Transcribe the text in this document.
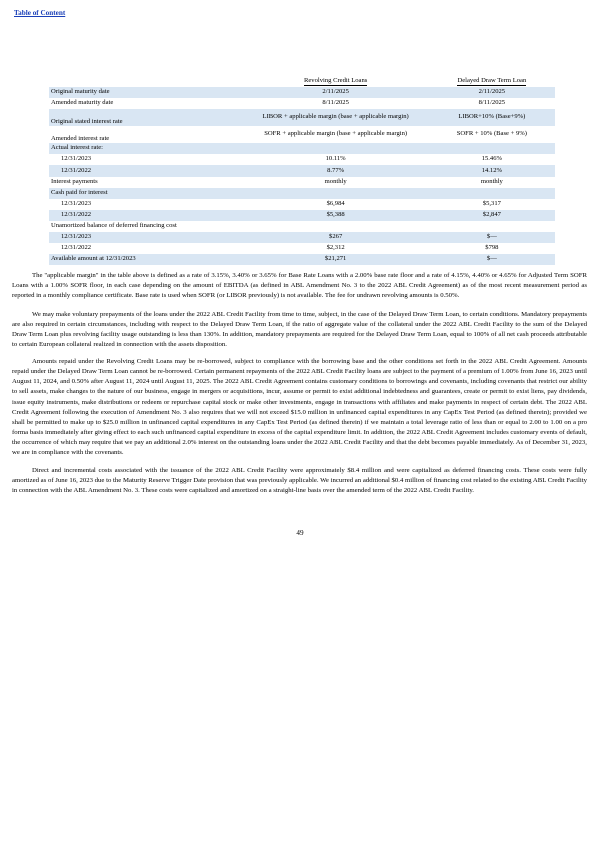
Table of Content
		Revolving Credit Loans		Delayed Draw Term Loan
Original maturity date		2/11/2025		2/11/2025
Amended maturity date		8/11/2025		8/11/2025
Original stated interest rate		LIBOR + applicable margin (base + applicable margin)		LIBOR+10% (Base+9%)
Amended interest rate		SOFR + applicable margin (base + applicable margin)		SOFR + 10% (Base + 9%)
Actual interest rate:				
12/31/2023		10.11%		15.46%
12/31/2022		8.77%		14.12%
Interest payments		monthly		monthly
Cash paid for interest				
12/31/2023		$6,984		$5,317
12/31/2022		$5,388		$2,847
Unamortized balance of deferred financing cost				
12/31/2023		$267		$—
12/31/2022		$2,312		$798
Available amount at 12/31/2023		$21,271		$—

The "applicable margin" in the table above is defined as a rate of 3.15%, 3.40% or 3.65% for Base Rate Loans with a 2.00% base rate floor and a rate of 4.15%, 4.40% or 4.65% for Adjusted Term SOFR Loans with a 1.00% SOFR floor, in each case depending on the amount of EBITDA (as defined in ABL Amendment No. 3 to the 2022 ABL Credit Agreement) as of the most recent measurement period as reported in a monthly compliance certificate. Base rate is used when SOFR (or LIBOR previously) is not available. The fee for undrawn revolving amounts is 0.50%.

We may make voluntary prepayments of the loans under the 2022 ABL Credit Facility from time to time, subject, in the case of the Delayed Draw Term Loan, to certain conditions. Mandatory prepayments are also required in certain circumstances, including with respect to the Delayed Draw Term Loan, if the ratio of aggregate value of the collateral under the 2022 ABL Credit Facility to the sum of the Delayed Draw Term Loan plus revolving facility usage outstanding is less than 130%. In addition, mandatory prepayments are required for the Delayed Draw Term Loan, equal to 100% of all net cash proceeds attributable to certain European collateral realized in connection with the assets disposition.

Amounts repaid under the Revolving Credit Loans may be re-borrowed, subject to compliance with the borrowing base and the other conditions set forth in the 2022 ABL Credit Agreement. Amounts repaid under the Delayed Draw Term Loan cannot be re-borrowed. Certain permanent repayments of the 2022 ABL Credit Facility loans are subject to the payment of a premium of 1.00% from June 16, 2023 until August 11, 2024, and 0.50% after August 11, 2024 until August 11, 2025. The 2022 ABL Credit Agreement contains customary conditions to borrowings and covenants, including covenants that restrict our ability to sell assets, make changes to the nature of our business, engage in mergers or acquisitions, incur, assume or permit to exist additional indebtedness and guarantees, create or permit to exist liens, pay dividends, issue equity instruments, make distributions or redeem or repurchase capital stock or make other investments, engage in transactions with affiliates and make payments in respect of certain debt. The 2022 ABL Credit Agreement following the execution of Amendment No. 3 also requires that we will not exceed $15.0 million in unfinanced capital expenditures in any CapEx Test Period (as defined therein); provided we shall be permitted to make up to $25.0 million in unfinanced capital expenditures in any CapEx Test Period (as defined therein) if we maintain a total leverage ratio of less than or equal to 2.00 to 1.00 on a pro forma basis immediately after giving effect to each such unfinanced capital expenditure in excess of the capital expenditure limit. In addition, the 2022 ABL Credit Agreement includes customary events of default, the occurrence of which may require that we pay an additional 2.0% interest on the outstanding loans under the 2022 ABL Credit Facility and that the debt becomes payable immediately. As of December 31, 2023, we are in compliance with the covenants.

Direct and incremental costs associated with the issuance of the 2022 ABL Credit Facility were approximately $8.4 million and were capitalized as deferred financing costs. These costs were fully amortized as of June 16, 2023 due to the Maturity Reserve Trigger Date provision that was previously applicable. We incurred an additional $0.4 million of financing cost related to the existing ABL Credit Facility in connection with the ABL Amendment No. 3. These costs were capitalized and amortized on a straight-line basis over the amended term of the 2022 ABL Credit Facility.

49
